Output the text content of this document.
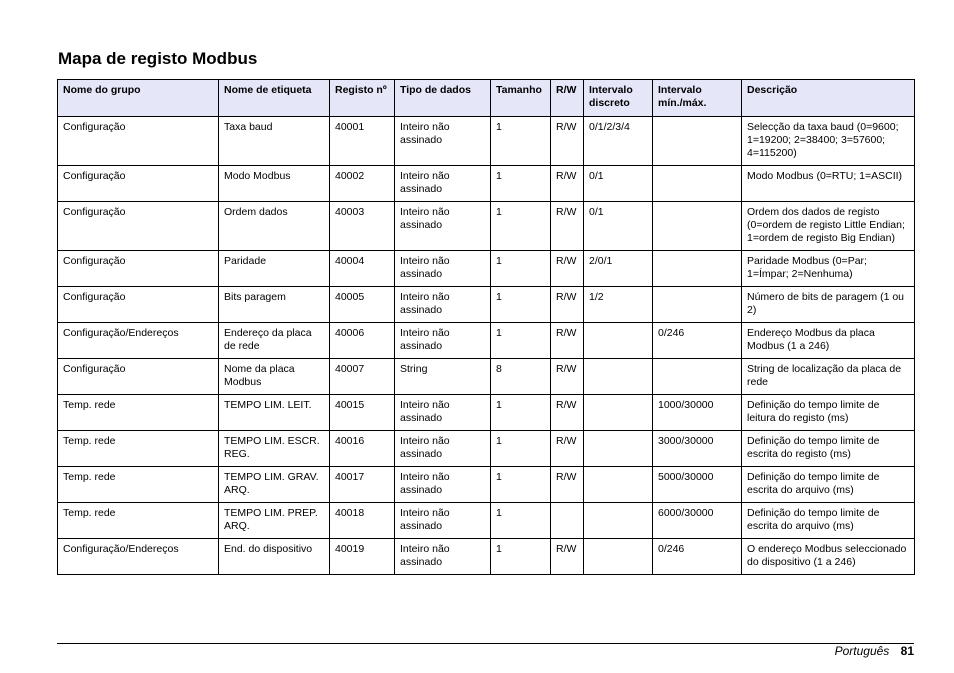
Mapa de registo Modbus
Nome do grupo	Nome de etiqueta	Registo nº	Tipo de dados	Tamanho	R/W	Intervalo discreto	Intervalo mín./máx.	Descrição
Configuração	Taxa baud	40001	Inteiro não assinado	1	R/W	0/1/2/3/4		Selecção da taxa baud (0=9600; 1=19200; 2=38400; 3=57600; 4=115200)
Configuração	Modo Modbus	40002	Inteiro não assinado	1	R/W	0/1		Modo Modbus (0=RTU; 1=ASCII)
Configuração	Ordem dados	40003	Inteiro não assinado	1	R/W	0/1		Ordem dos dados de registo (0=ordem de registo Little Endian; 1=ordem de registo Big Endian)
Configuração	Paridade	40004	Inteiro não assinado	1	R/W	2/0/1		Paridade Modbus (0=Par; 1=Ímpar; 2=Nenhuma)
Configuração	Bits paragem	40005	Inteiro não assinado	1	R/W	1/2		Número de bits de paragem (1 ou 2)
Configuração/Endereços	Endereço da placa de rede	40006	Inteiro não assinado	1	R/W		0/246	Endereço Modbus da placa Modbus (1 a 246)
Configuração	Nome da placa Modbus	40007	String	8	R/W			String de localização da placa de rede
Temp. rede	TEMPO LIM. LEIT.	40015	Inteiro não assinado	1	R/W		1000/30000	Definição do tempo limite de leitura do registo (ms)
Temp. rede	TEMPO LIM. ESCR. REG.	40016	Inteiro não assinado	1	R/W		3000/30000	Definição do tempo limite de escrita do registo (ms)
Temp. rede	TEMPO LIM. GRAV. ARQ.	40017	Inteiro não assinado	1	R/W		5000/30000	Definição do tempo limite de escrita do arquivo (ms)
Temp. rede	TEMPO LIM. PREP. ARQ.	40018	Inteiro não assinado	1			6000/30000	Definição do tempo limite de escrita do arquivo (ms)
Configuração/Endereços	End. do dispositivo	40019	Inteiro não assinado	1	R/W		0/246	O endereço Modbus seleccionado do dispositivo (1 a 246)
Português 81
